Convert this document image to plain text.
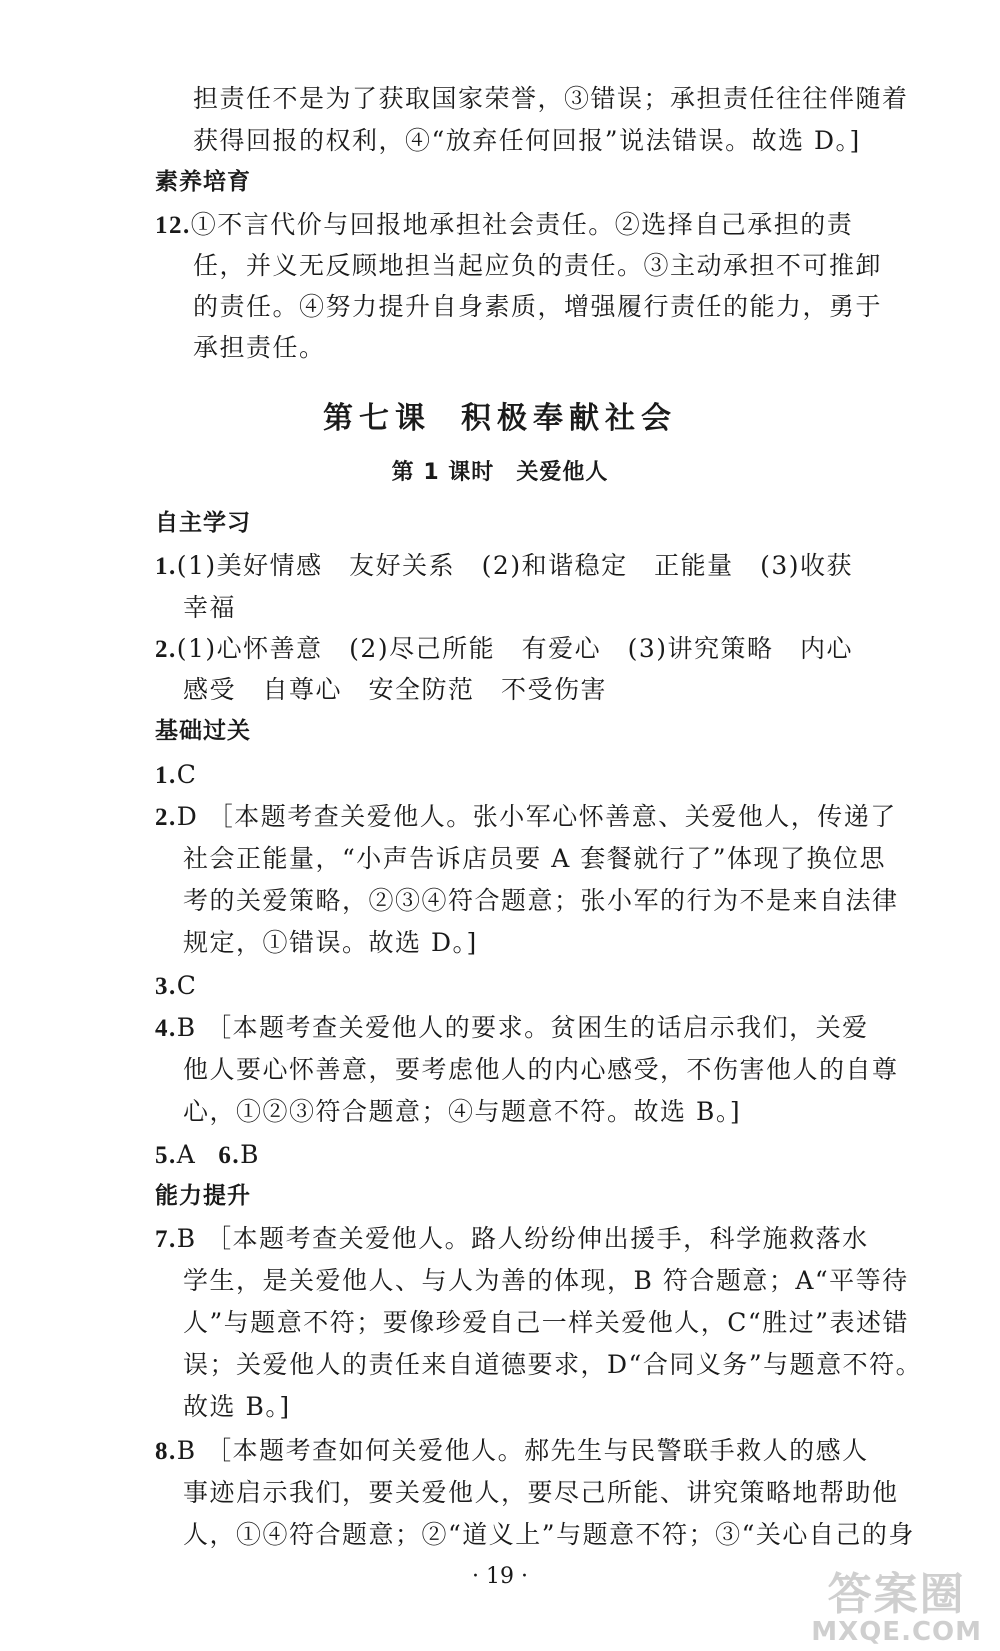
担责任不是为了获取国家荣誉，③错误；承担责任往往伴随着
获得回报的权利，④“放弃任何回报”说法错误。故选 D。]
素养培育
12.①不言代价与回报地承担社会责任。②选择自己承担的责
任，并义无反顾地担当起应负的责任。③主动承担不可推卸
的责任。④努力提升自身素质，增强履行责任的能力，勇于
承担责任。
第七课 积极奉献社会
第 1 课时 关爱他人
自主学习
1.(1)美好情感　友好关系　(2)和谐稳定　正能量　(3)收获
幸福
2.(1)心怀善意　(2)尽己所能　有爱心　(3)讲究策略　内心
感受　自尊心　安全防范　不受伤害
基础过关
1.C
2.D ［本题考查关爱他人。张小军心怀善意、关爱他人，传递了
社会正能量，“小声告诉店员要 A 套餐就行了”体现了换位思
考的关爱策略，②③④符合题意；张小军的行为不是来自法律
规定，①错误。故选 D。]
3.C
4.B ［本题考查关爱他人的要求。贫困生的话启示我们，关爱
他人要心怀善意，要考虑他人的内心感受，不伤害他人的自尊
心，①②③符合题意；④与题意不符。故选 B。]
5.A 6.B
能力提升
7.B ［本题考查关爱他人。路人纷纷伸出援手，科学施救落水
学生，是关爱他人、与人为善的体现，B 符合题意；A“平等待
人”与题意不符；要像珍爱自己一样关爱他人，C“胜过”表述错
误；关爱他人的责任来自道德要求，D“合同义务”与题意不符。
故选 B。]
8.B ［本题考查如何关爱他人。郝先生与民警联手救人的感人
事迹启示我们，要关爱他人，要尽己所能、讲究策略地帮助他
人，①④符合题意；②“道义上”与题意不符；③“关心自己的身
· 19 ·	答案圈
MXQE.COM
